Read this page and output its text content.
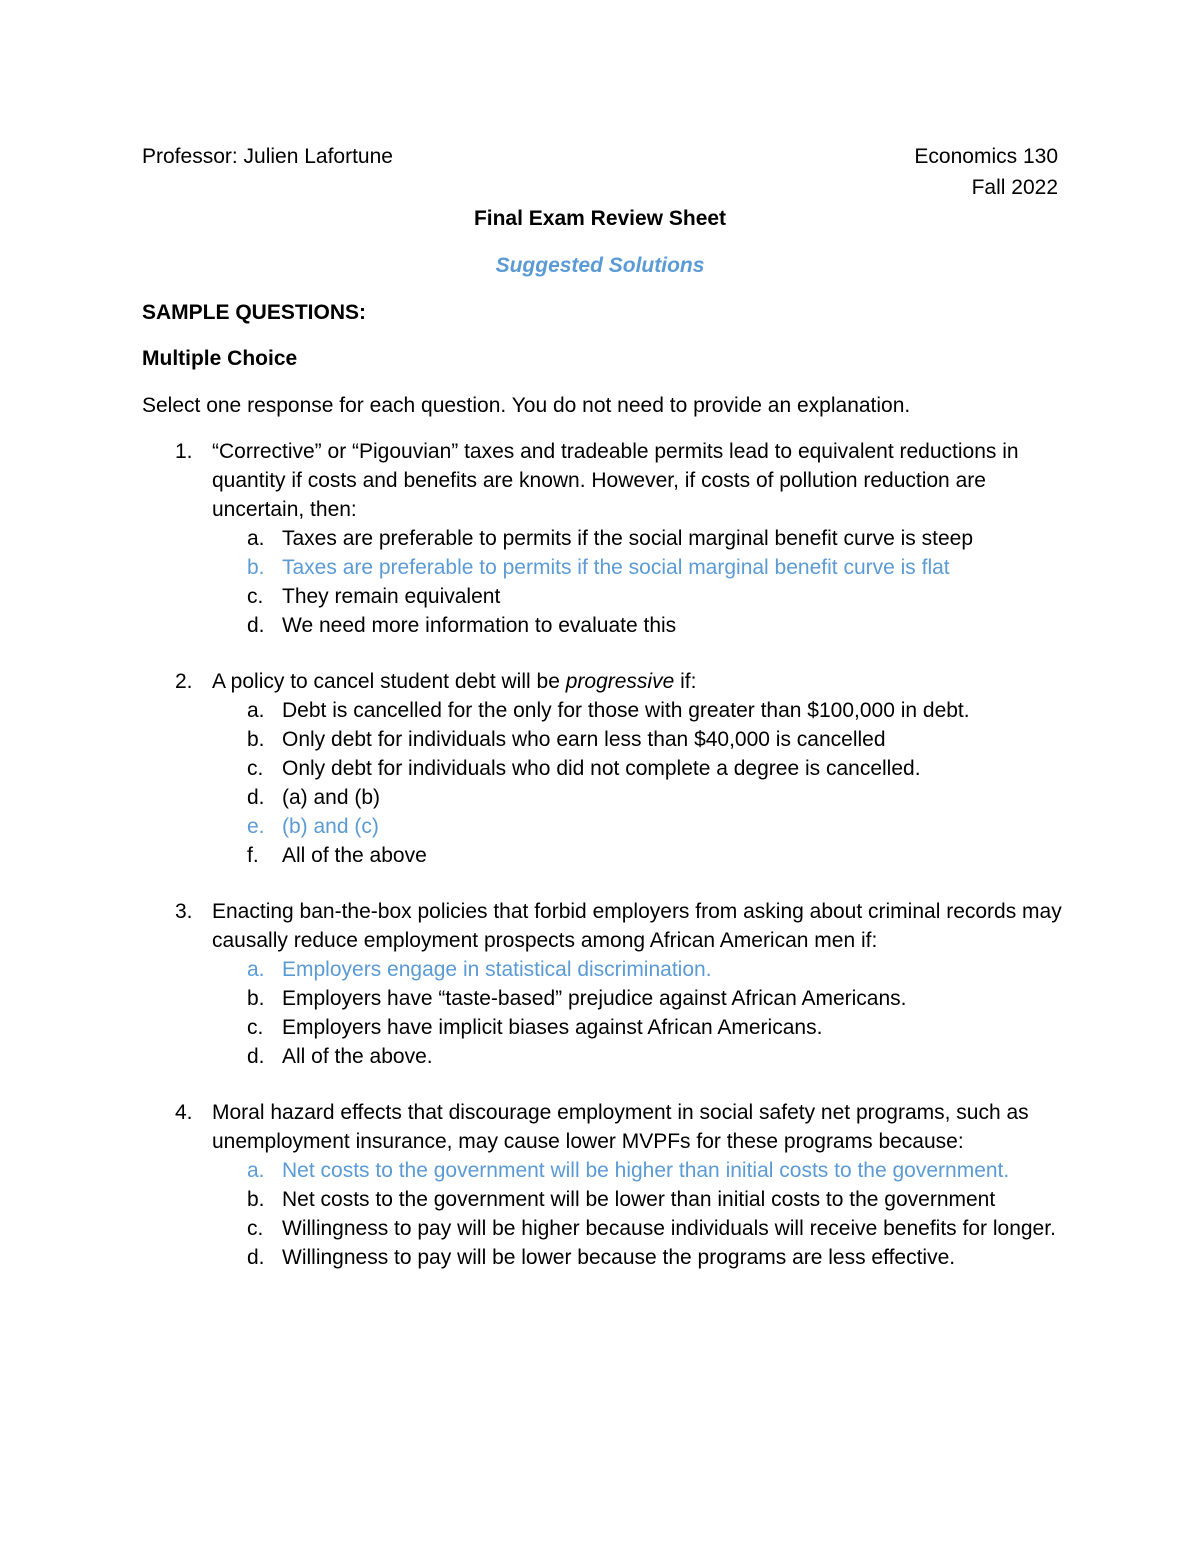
Professor: Julien Lafortune	Economics 130
Fall 2022
Final Exam Review Sheet
Suggested Solutions
SAMPLE QUESTIONS:
Multiple Choice
Select one response for each question. You do not need to provide an explanation.
1. “Corrective” or “Pigouvian” taxes and tradeable permits lead to equivalent reductions in quantity if costs and benefits are known. However, if costs of pollution reduction are uncertain, then:
a. Taxes are preferable to permits if the social marginal benefit curve is steep
b. Taxes are preferable to permits if the social marginal benefit curve is flat
c. They remain equivalent
d. We need more information to evaluate this
2. A policy to cancel student debt will be progressive if:
a. Debt is cancelled for the only for those with greater than $100,000 in debt.
b. Only debt for individuals who earn less than $40,000 is cancelled
c. Only debt for individuals who did not complete a degree is cancelled.
d. (a) and (b)
e. (b) and (c)
f. All of the above
3. Enacting ban-the-box policies that forbid employers from asking about criminal records may causally reduce employment prospects among African American men if:
a. Employers engage in statistical discrimination.
b. Employers have “taste-based” prejudice against African Americans.
c. Employers have implicit biases against African Americans.
d. All of the above.
4. Moral hazard effects that discourage employment in social safety net programs, such as unemployment insurance, may cause lower MVPFs for these programs because:
a. Net costs to the government will be higher than initial costs to the government.
b. Net costs to the government will be lower than initial costs to the government
c. Willingness to pay will be higher because individuals will receive benefits for longer.
d. Willingness to pay will be lower because the programs are less effective.
